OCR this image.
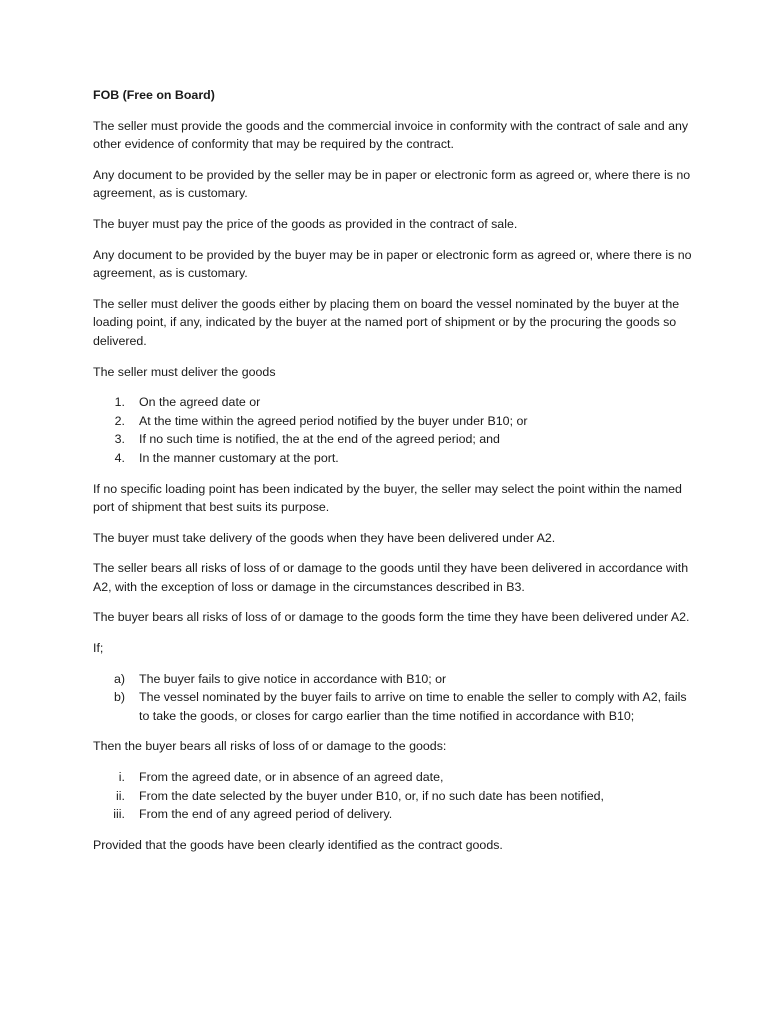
FOB (Free on Board)

The seller must provide the goods and the commercial invoice in conformity with the contract of sale and any other evidence of conformity that may be required by the contract.

Any document to be provided by the seller may be in paper or electronic form as agreed or, where there is no agreement, as is customary.

The buyer must pay the price of the goods as provided in the contract of sale.

Any document to be provided by the buyer may be in paper or electronic form as agreed or, where there is no agreement, as is customary.

The seller must deliver the goods either by placing them on board the vessel nominated by the buyer at the loading point, if any, indicated by the buyer at the named port of shipment or by the procuring the goods so delivered.

The seller must deliver the goods

1. On the agreed date or
2. At the time within the agreed period notified by the buyer under B10; or
3. If no such time is notified, the at the end of the agreed period; and
4. In the manner customary at the port.

If no specific loading point has been indicated by the buyer, the seller may select the point within the named port of shipment that best suits its purpose.

The buyer must take delivery of the goods when they have been delivered under A2.

The seller bears all risks of loss of or damage to the goods until they have been delivered in accordance with A2, with the exception of loss or damage in the circumstances described in B3.

The buyer bears all risks of loss of or damage to the goods form the time they have been delivered under A2.

If;

a) The buyer fails to give notice in accordance with B10; or
b) The vessel nominated by the buyer fails to arrive on time to enable the seller to comply with A2, fails to take the goods, or closes for cargo earlier than the time notified in accordance with B10;

Then the buyer bears all risks of loss of or damage to the goods:

i. From the agreed date, or in absence of an agreed date,
ii. From the date selected by the buyer under B10, or, if no such date has been notified,
iii. From the end of any agreed period of delivery.

Provided that the goods have been clearly identified as the contract goods.
